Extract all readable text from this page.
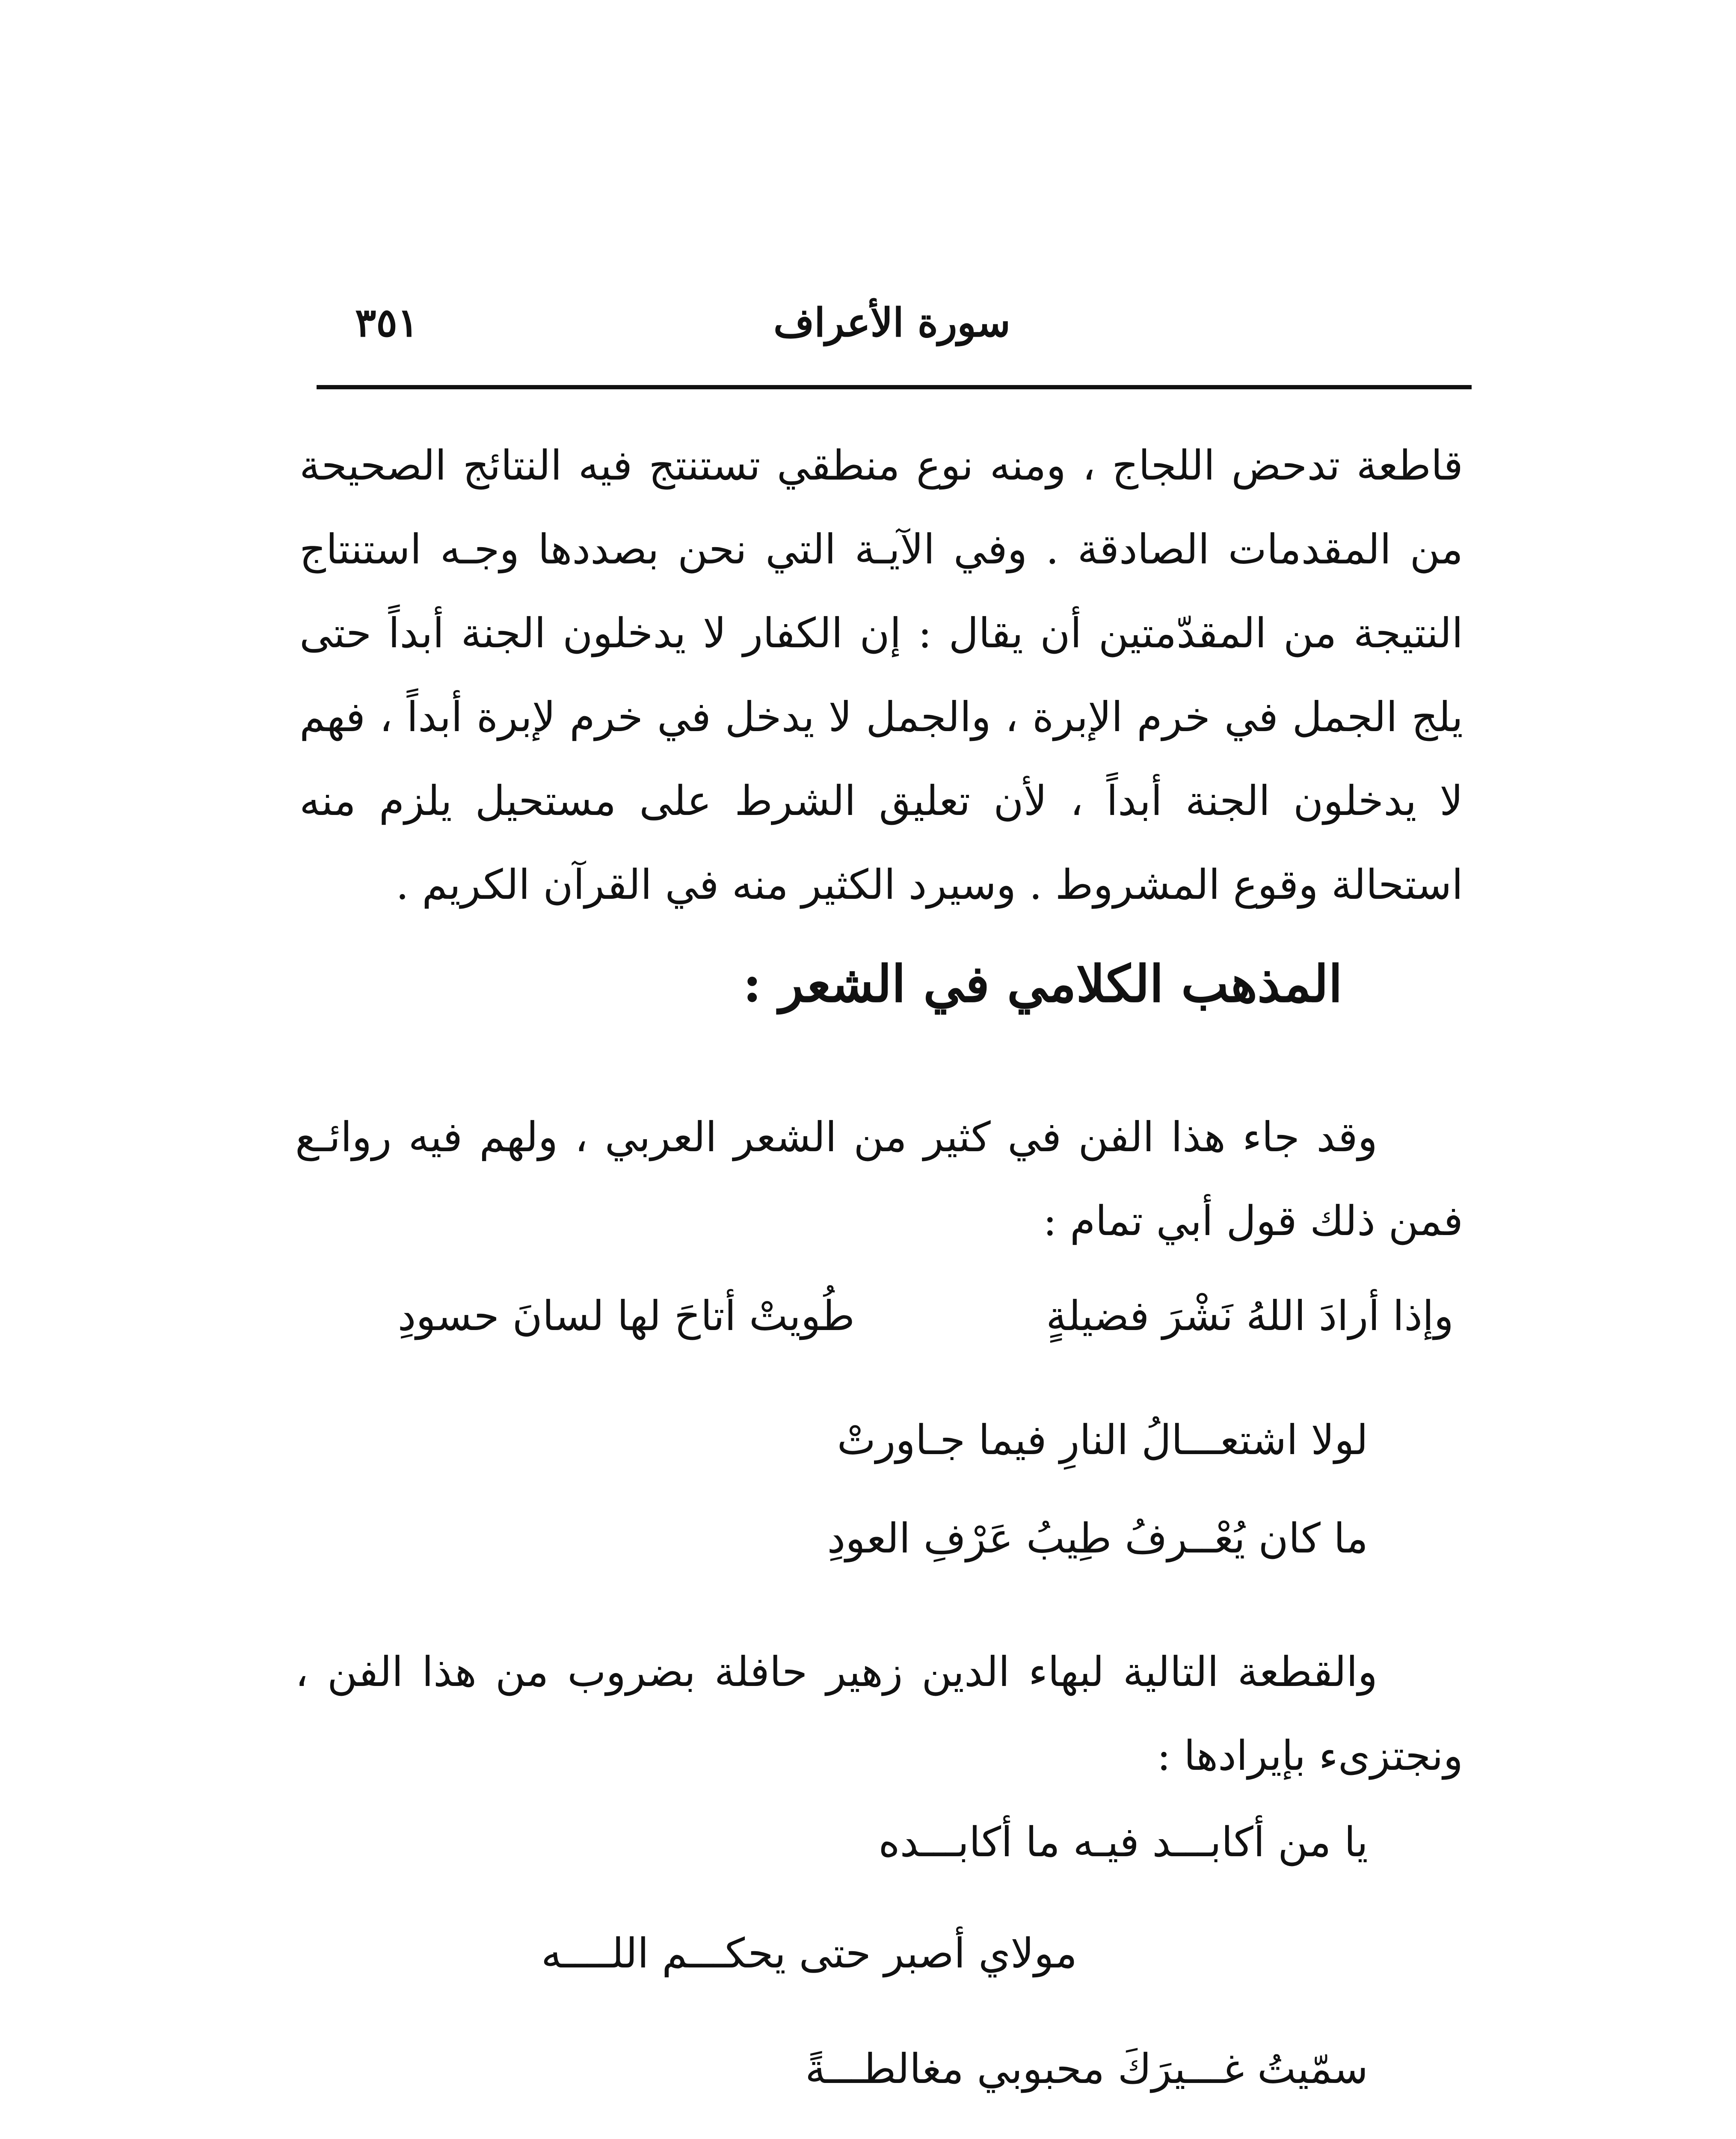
سورة الأعراف
٣٥١
قاطعة تدحض اللجاج ، ومنه نوع منطقي تستنتج فيه النتائج الصحيحة من المقدمات الصادقة . وفي الآيـة التي نحن بصددها وجـه استنتاج النتيجة من المقدّمتين أن يقال : إن الكفار لا يدخلون الجنة أبداً حتى يلج الجمل في خرم الإبرة ، والجمل لا يدخل في خرم لإبرة أبداً ، فهم لا يدخلون الجنة أبداً ، لأن تعليق الشرط على مستحيل يلزم منه استحالة وقوع المشروط . وسيرد الكثير منه في القرآن الكريم .
المذهب الكلامي في الشعر :
وقد جاء هذا الفن في كثير من الشعر العربي ، ولهم فيه روائـع فمن ذلك قول أبي تمام :
وإذا أرادَ اللهُ نَشْرَ فضيلةٍ
طُويتْ أتاحَ لها لسانَ حسودِ
لولا اشتعـــالُ النارِ فيما جـاورتْ
ما كان يُعْــرفُ طِيبُ عَرْفِ العودِ
والقطعة التالية لبهاء الدين زهير حافلة بضروب من هذا الفن ، ونجتزىء بإيرادها :
يا من أكابـــد فيـه ما أكابـــده
مولاي أصبر حتى يحكـــم اللــــه
سمّيتُ غـــيرَكَ محبوبي مغالطـــةً
